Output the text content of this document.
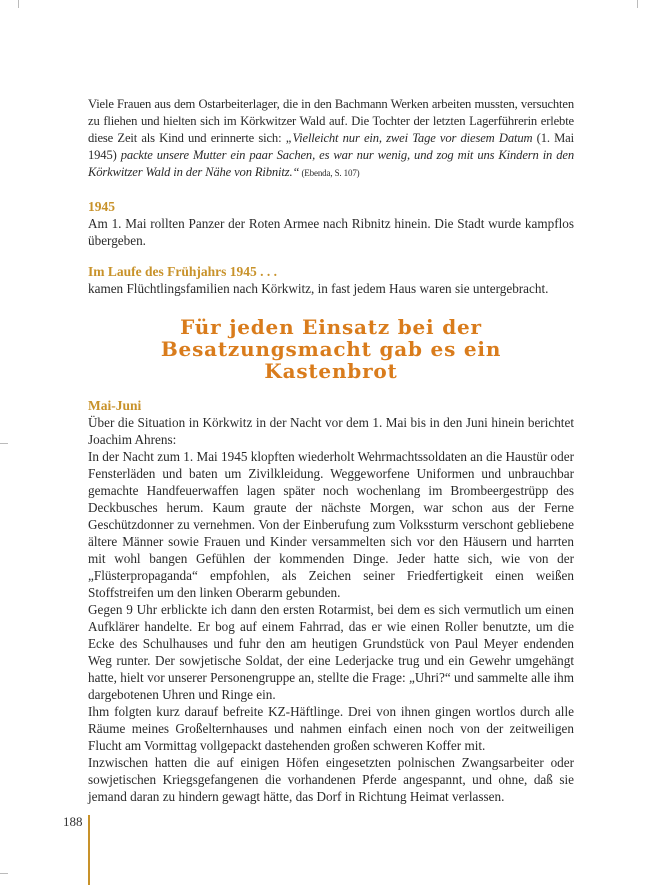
Viele Frauen aus dem Ostarbeiterlager, die in den Bachmann Werken arbeiten mussten, versuchten zu fliehen und hielten sich im Körkwitzer Wald auf. Die Tochter der letzten Lagerführerin erlebte diese Zeit als Kind und erinnerte sich: „Vielleicht nur ein, zwei Tage vor diesem Datum (1. Mai 1945) packte unsere Mutter ein paar Sachen, es war nur wenig, und zog mit uns Kindern in den Körkwitzer Wald in der Nähe von Ribnitz.“ (Ebenda, S. 107)

1945

Am 1. Mai rollten Panzer der Roten Armee nach Ribnitz hinein. Die Stadt wurde kampflos übergeben.

Im Laufe des Frühjahrs 1945 . . .

kamen Flüchtlingsfamilien nach Körkwitz, in fast jedem Haus waren sie untergebracht.

Für jeden Einsatz bei der
Besatzungsmacht gab es ein
Kastenbrot
Mai-Juni

Über die Situation in Körkwitz in der Nacht vor dem 1. Mai bis in den Juni hinein berichtet Joachim Ahrens:

In der Nacht zum 1. Mai 1945 klopften wiederholt Wehrmachtssoldaten an die Haustür oder Fensterläden und baten um Zivilkleidung. Weggeworfene Uniformen und unbrauchbar gemachte Handfeuerwaffen lagen später noch wochenlang im Brombeergestrüpp des Deckbusches herum. Kaum graute der nächste Morgen, war schon aus der Ferne Geschützdonner zu vernehmen. Von der Einberufung zum Volkssturm verschont gebliebene ältere Männer sowie Frauen und Kinder versammelten sich vor den Häusern und harrten mit wohl bangen Gefühlen der kommenden Dinge. Jeder hatte sich, wie von der „Flüsterpropaganda“ empfohlen, als Zeichen seiner Friedfertigkeit einen weißen Stoffstreifen um den linken Oberarm gebunden.

Gegen 9 Uhr erblickte ich dann den ersten Rotarmist, bei dem es sich vermutlich um einen Aufklärer handelte. Er bog auf einem Fahrrad, das er wie einen Roller benutzte, um die Ecke des Schulhauses und fuhr den am heutigen Grundstück von Paul Meyer endenden Weg runter. Der sowjetische Soldat, der eine Lederjacke trug und ein Gewehr umgehängt hatte, hielt vor unserer Personengruppe an, stellte die Frage: „Uhri?“ und sammelte alle ihm dargebotenen Uhren und Ringe ein.

Ihm folgten kurz darauf befreite KZ-Häftlinge. Drei von ihnen gingen wortlos durch alle Räume meines Großelternhauses und nahmen einfach einen noch von der zeitweiligen Flucht am Vormittag vollgepackt dastehenden großen schweren Koffer mit.

Inzwischen hatten die auf einigen Höfen eingesetzten polnischen Zwangsarbeiter oder sowjetischen Kriegsgefangenen die vorhandenen Pferde angespannt, und ohne, daß sie jemand daran zu hindern gewagt hätte, das Dorf in Richtung Heimat verlassen.

188
